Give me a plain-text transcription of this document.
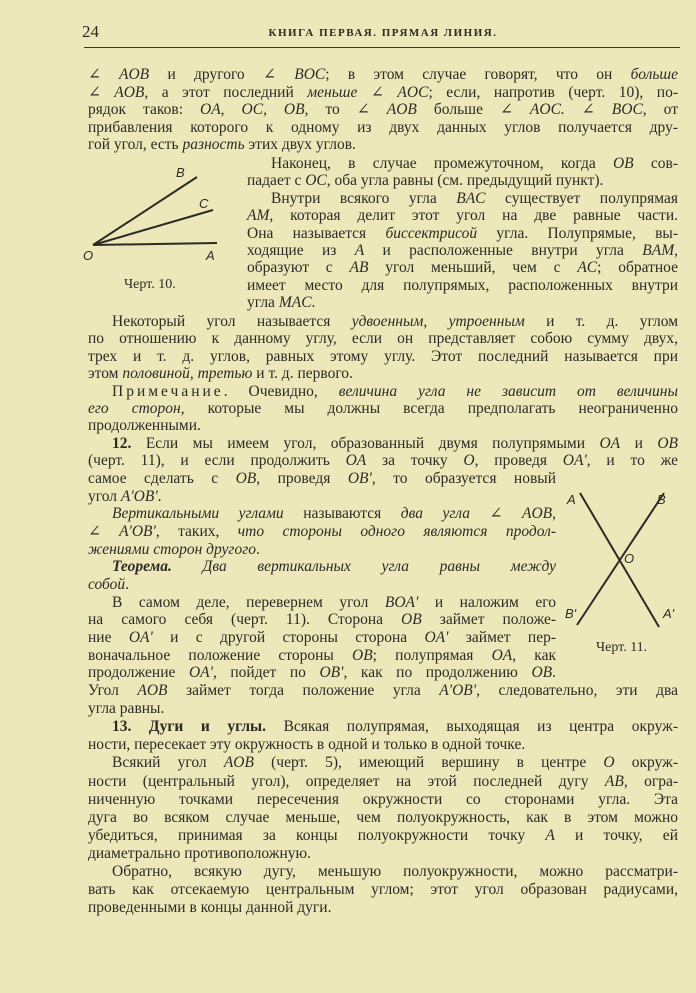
24	КНИГА ПЕРВАЯ. ПРЯМАЯ ЛИНИЯ.
∠ AOB и другого ∠ BOC; в этом случае говорят, что он больше
∠ AOB, а этот последний меньше ∠ AOC; если, напротив (черт. 10), по-
рядок таков: OA, OC, OB, то ∠ AOB больше ∠ AOC. ∠ BOC, от
прибавления которого к одному из двух данных углов получается дру-
гой угол, есть разность этих двух углов.
Наконец, в случае промежуточном, когда OB сов-
падает с OC, оба угла равны (см. предыдущий пункт).
Внутри всякого угла BAC существует полупрямая
AM, которая делит этот угол на две равные части.
Она называется биссектрисой угла. Полупрямые, вы-
ходящие из A и расположенные внутри угла BAM,
образуют с AB угол меньший, чем с AC; обратное
имеет место для полупрямых, расположенных внутри
угла MAC.
Некоторый угол называется удвоенным, утроенным и т. д. углом
по отношению к данному углу, если он представляет собою сумму двух,
трех и т. д. углов, равных этому углу. Этот последний называется при
этом половиной, третью и т. д. первого.
Примечание. Очевидно, величина угла не зависит от величины
его сторон, которые мы должны всегда предполагать неограниченно
продолженными.
12. Если мы имеем угол, образованный двумя полупрямыми OA и OB
(черт. 11), и если продолжить OA за точку O, проведя OA', и то же
самое сделать с OB, проведя OB', то образуется новый
угол A'OB'.
Вертикальными углами называются два угла ∠ AOB,
∠ A'OB', таких, что стороны одного являются продол-
жениями сторон другого.
Теорема. Два вертикальных угла равны между
собой.
В самом деле, перевернем угол BOA' и наложим его
на самого себя (черт. 11). Сторона OB займет положе-
ние OA' и с другой стороны сторона OA' займет пер-
воначальное положение стороны OB; полупрямая OA, как
продолжение OA', пойдет по OB', как по продолжению OB.
Угол AOB займет тогда положение угла A'OB', следовательно, эти два
угла равны.
13. Дуги и углы. Всякая полупрямая, выходящая из центра окруж-
ности, пересекает эту окружность в одной и только в одной точке.
Всякий угол AOB (черт. 5), имеющий вершину в центре O окруж-
ности (центральный угол), определяет на этой последней дугу AB, огра-
ниченную точками пересечения окружности со сторонами угла. Эта
дуга во всяком случае меньше, чем полуокружность, как в этом можно
убедиться, принимая за концы полуокружности точку A и точку, ей
диаметрально противоположную.
Обратно, всякую дугу, меньшую полуокружности, можно рассматри-
вать как отсекаемую центральным углом; этот угол образован радиусами,
проведенными в концы данной дуги.
O	A
B
C
Черт. 10.
A	B
O
B'	A'
Черт. 11.
